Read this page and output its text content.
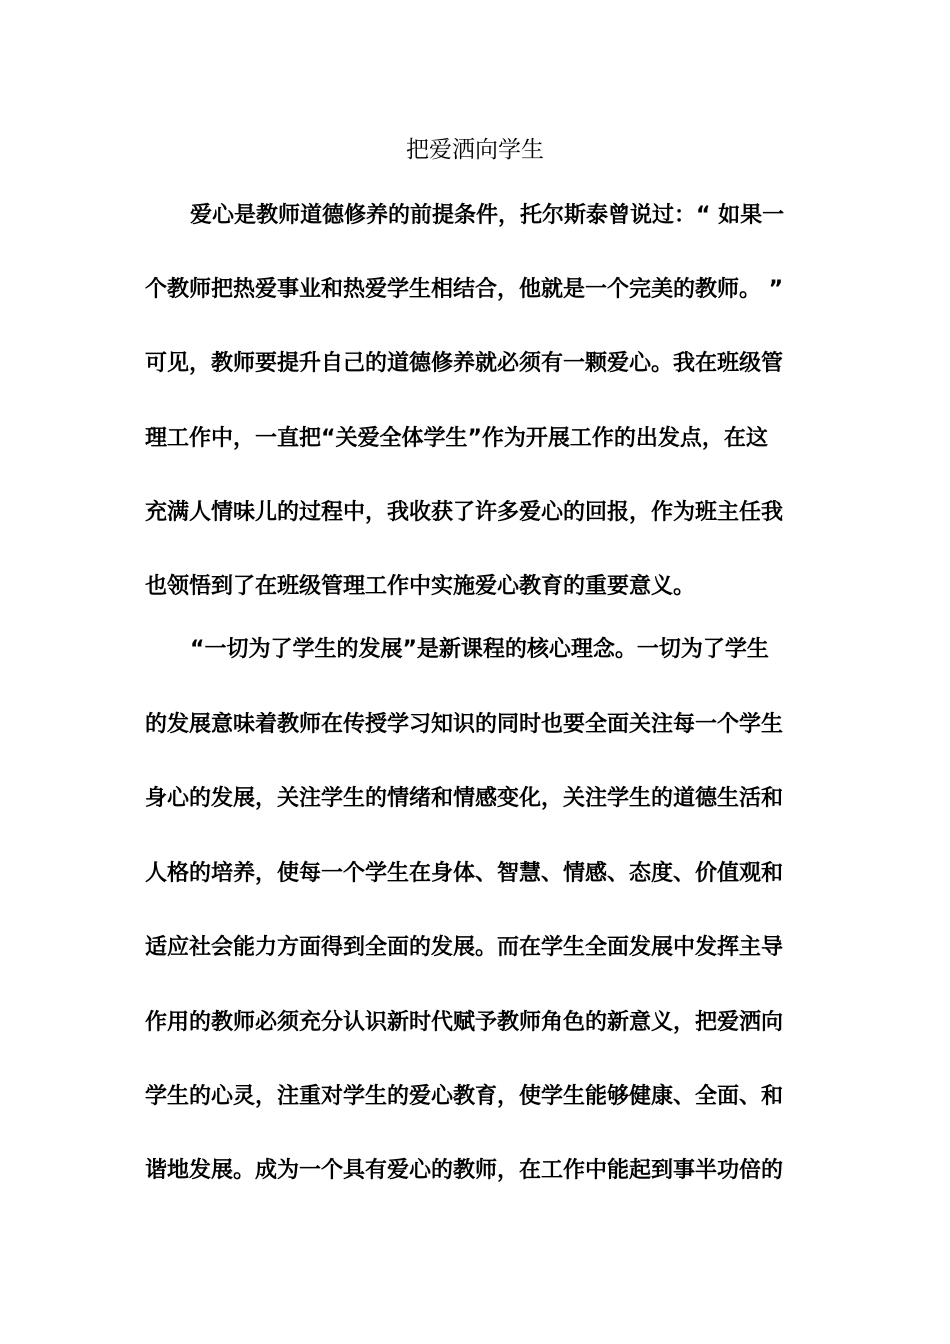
把爱洒向学生

爱心是教师道德修养的前提条件，托尔斯泰曾说过：“ 如果一

个教师把热爱事业和热爱学生相结合，他就是一个完美的教师。 ”

可见，教师要提升自己的道德修养就必须有一颗爱心。我在班级管

理工作中，一直把“关爱全体学生”作为开展工作的出发点，在这

充满人情味儿的过程中，我收获了许多爱心的回报，作为班主任我

也领悟到了在班级管理工作中实施爱心教育的重要意义。

“一切为了学生的发展”是新课程的核心理念。一切为了学生

的发展意味着教师在传授学习知识的同时也要全面关注每一个学生

身心的发展，关注学生的情绪和情感变化，关注学生的道德生活和

人格的培养，使每一个学生在身体、智慧、情感、态度、价值观和

适应社会能力方面得到全面的发展。而在学生全面发展中发挥主导

作用的教师必须充分认识新时代赋予教师角色的新意义，把爱洒向

学生的心灵，注重对学生的爱心教育，使学生能够健康、全面、和

谐地发展。成为一个具有爱心的教师，在工作中能起到事半功倍的
